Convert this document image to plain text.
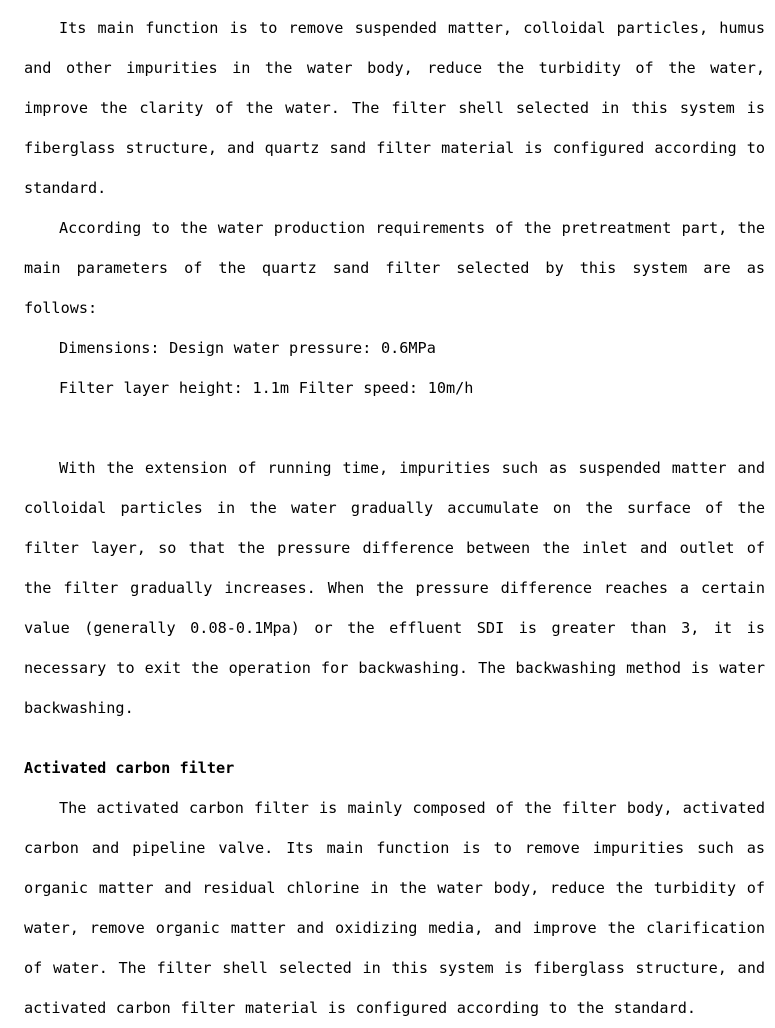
Its main function is to remove suspended matter, colloidal particles, humus and other impurities in the water body, reduce the turbidity of the water, improve the clarity of the water. The filter shell selected in this system is fiberglass structure, and quartz sand filter material is configured according to standard.

According to the water production requirements of the pretreatment part, the main parameters of the quartz sand filter selected by this system are as follows:

Dimensions: Design water pressure: 0.6MPa

Filter layer height: 1.1m Filter speed: 10m/h

With the extension of running time, impurities such as suspended matter and colloidal particles in the water gradually accumulate on the surface of the filter layer, so that the pressure difference between the inlet and outlet of the filter gradually increases. When the pressure difference reaches a certain value (generally 0.08-0.1Mpa) or the effluent SDI is greater than 3, it is necessary to exit the operation for backwashing. The backwashing method is water backwashing.

Activated carbon filter

The activated carbon filter is mainly composed of the filter body, activated carbon and pipeline valve. Its main function is to remove impurities such as organic matter and residual chlorine in the water body, reduce the turbidity of water, remove organic matter and oxidizing media, and improve the clarification of water. The filter shell selected in this system is fiberglass structure, and activated carbon filter material is configured according to the standard.
